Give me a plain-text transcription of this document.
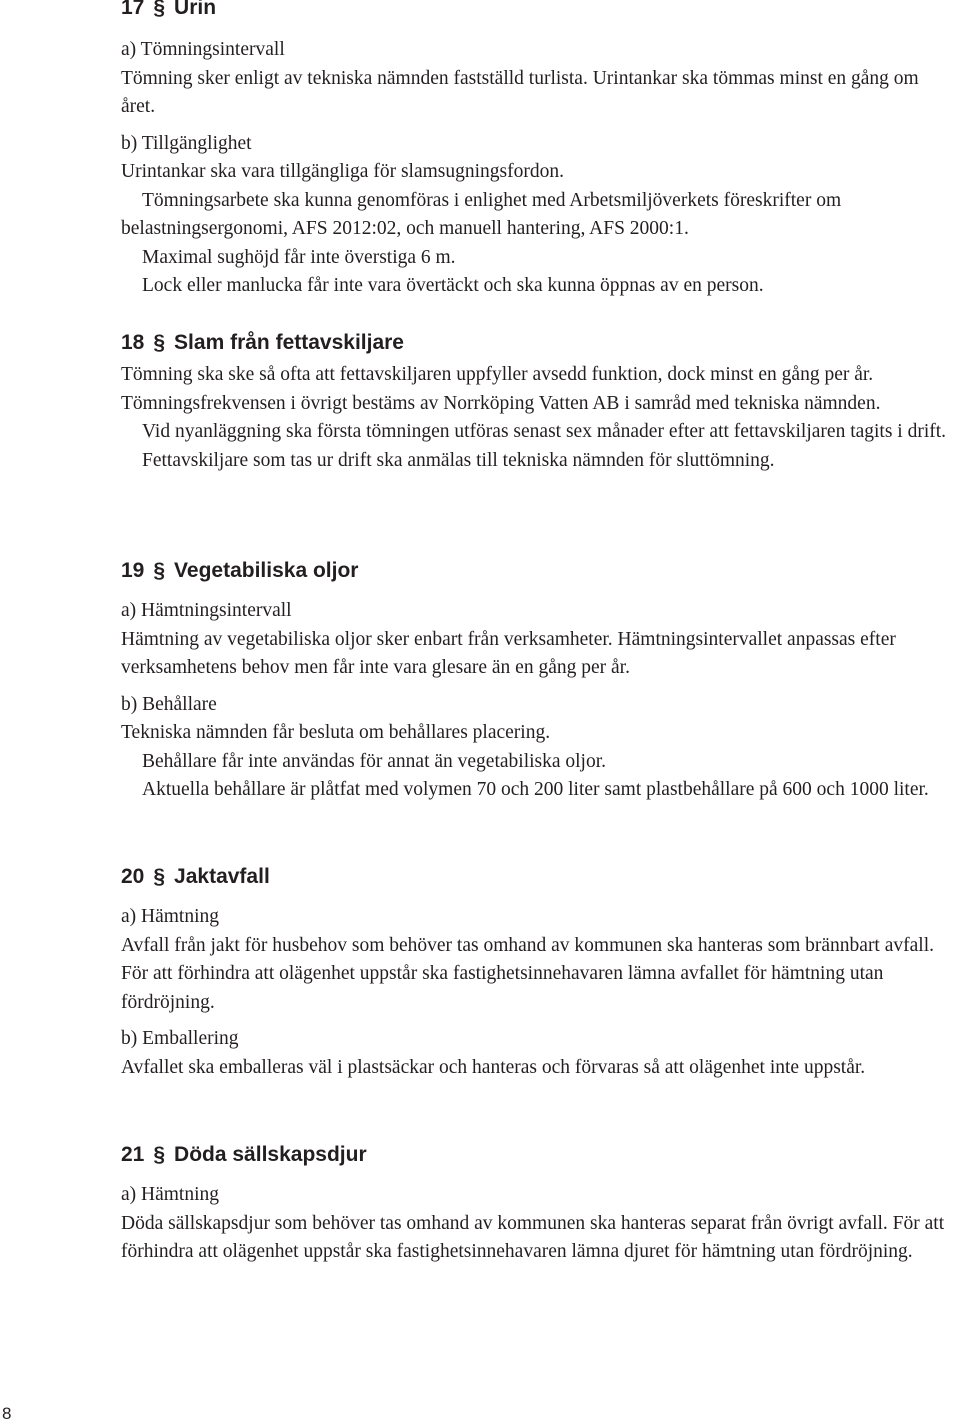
17 § Urin

a) Tömningsintervall

Tömning sker enligt av tekniska nämnden fastställd turlista. Urintankar ska tömmas minst en gång om året.

b) Tillgänglighet

Urintankar ska vara tillgängliga för slamsugningsfordon.

Tömningsarbete ska kunna genomföras i enlighet med Arbetsmiljöverkets föreskrifter om belastningsergonomi, AFS 2012:02, och manuell hantering, AFS 2000:1.

Maximal sughöjd får inte överstiga 6 m.

Lock eller manlucka får inte vara övertäckt och ska kunna öppnas av en person.

18 § Slam från fettavskiljare

Tömning ska ske så ofta att fettavskiljaren uppfyller avsedd funktion, dock minst en gång per år. Tömningsfrekvensen i övrigt bestäms av Norrköping Vatten AB i samråd med tekniska nämnden.

Vid nyanläggning ska första tömningen utföras senast sex månader efter att fettavskiljaren tagits i drift.

Fettavskiljare som tas ur drift ska anmälas till tekniska nämnden för sluttömning.

19 § Vegetabiliska oljor

a) Hämtningsintervall

Hämtning av vegetabiliska oljor sker enbart från verksamheter. Hämtningsintervallet anpassas efter verksamhetens behov men får inte vara glesare än en gång per år.

b) Behållare

Tekniska nämnden får besluta om behållares placering.

Behållare får inte användas för annat än vegetabiliska oljor.

Aktuella behållare är plåtfat med volymen 70 och 200 liter samt plastbehållare på 600 och 1000 liter.

20 § Jaktavfall

a) Hämtning

Avfall från jakt för husbehov som behöver tas omhand av kommunen ska hanteras som brännbart avfall. För att förhindra att olägenhet uppstår ska fastighetsinnehavaren lämna avfallet för hämtning utan fördröjning.

b) Emballering

Avfallet ska emballeras väl i plastsäckar och hanteras och förvaras så att olägenhet inte uppstår.

21 § Döda sällskapsdjur

a) Hämtning

Döda sällskapsdjur som behöver tas omhand av kommunen ska hanteras separat från övrigt avfall. För att förhindra att olägenhet uppstår ska fastighetsinnehavaren lämna djuret för hämtning utan fördröjning.

8
